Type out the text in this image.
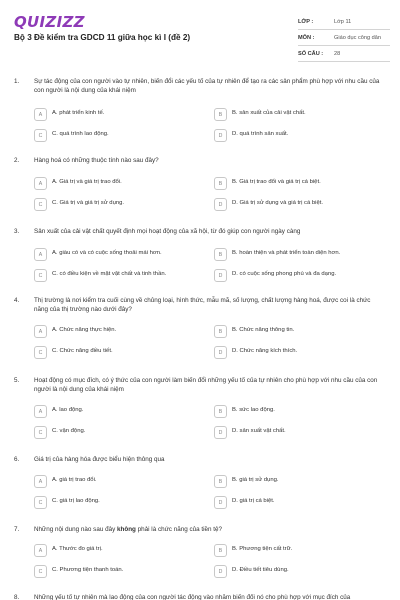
QUIZIZZ
Bộ 3 Đề kiểm tra GDCD 11 giữa học kì I (đề 2)
LỚP :	Lớp 11
MÔN :	Giáo dục công dân
SỐ CÂU :	28
1. Sự tác động của con người vào tự nhiên, biến đổi các yếu tố của tự nhiên để tạo ra các sản phẩm phù hợp với nhu cầu của con người là nội dung của khái niệm
A	A. phát triển kinh tế.	B	B. sản xuất của cải vật chất.
C	C. quá trình lao động.	D	D. quá trình sản xuất.
2. Hàng hoá có những thuộc tính nào sau đây?
A	A. Giá trị và giá trị trao đổi.	B	B. Giá trị trao đổi và giá trị cá biệt.
C	C. Giá trị và giá trị sử dụng.	D	D. Giá trị sử dụng và giá trị cá biệt.
3. Sản xuất của cải vật chất quyết định mọi hoạt động của xã hội, từ đó giúp con người ngày càng
A	A. giàu có và có cuộc sống thoải mái hơn.	B	B. hoàn thiện và phát triển toàn diện hơn.
C	C. có điều kiện về mặt vật chất và tinh thần.	D	D. có cuộc sống phong phú và đa dạng.
4. Thị trường là nơi kiểm tra cuối cùng về chủng loại, hình thức, mẫu mã, số lượng, chất lượng hàng hoá, được coi là chức năng của thị trường nào dưới đây?
A	A. Chức năng thực hiện.	B	B. Chức năng thông tin.
C	C. Chức năng điều tiết.	D	D. Chức năng kích thích.
5. Hoạt động có mục đích, có ý thức của con người làm biến đổi những yếu tố của tự nhiên cho phù hợp với nhu cầu của con người là nội dung của khái niệm
A	A. lao động.	B	B. sức lao động.
C	C. vận động.	D	D. sản xuất vật chất.
6. Giá trị của hàng hóa được biểu hiện thông qua
A	A. giá trị trao đổi.	B	B. giá trị sử dụng.
C	C. giá trị lao động.	D	D. giá trị cá biệt.
7. Những nội dung nào sau đây không phải là chức năng của tiền tệ?
A	A. Thước đo giá trị.	B	B. Phương tiện cất trữ.
C	C. Phương tiện thanh toán.	D	D. Điều tiết tiêu dùng.
8. Những yếu tố tự nhiên mà lao động của con người tác động vào nhằm biến đổi nó cho phù hợp với mục đích của
